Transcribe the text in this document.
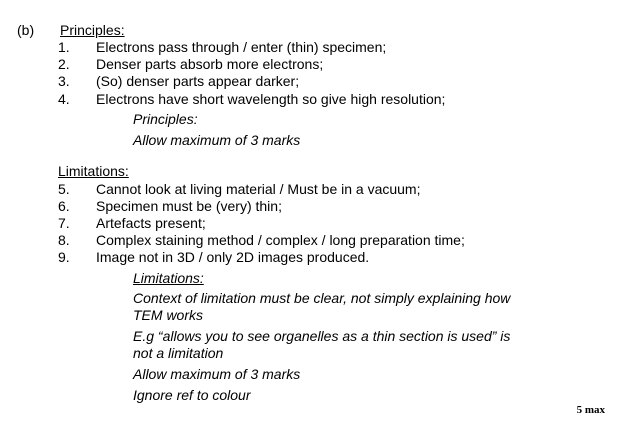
(b) Principles:
1. Electrons pass through / enter (thin) specimen;
2. Denser parts absorb more electrons;
3. (So) denser parts appear darker;
4. Electrons have short wavelength so give high resolution;
Principles:
Allow maximum of 3 marks
Limitations:
5. Cannot look at living material / Must be in a vacuum;
6. Specimen must be (very) thin;
7. Artefacts present;
8. Complex staining method / complex / long preparation time;
9. Image not in 3D / only 2D images produced.
Limitations:
Context of limitation must be clear, not simply explaining how
TEM works
E.g “allows you to see organelles as a thin section is used” is
not a limitation
Allow maximum of 3 marks
Ignore ref to colour
5 max
